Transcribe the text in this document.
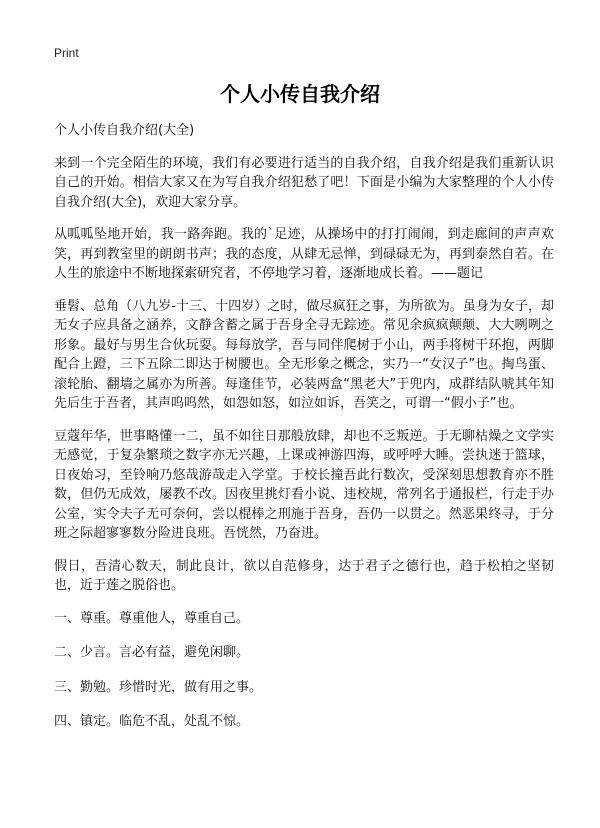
Print
个人小传自我介绍

个人小传自我介绍(大全)

来到一个完全陌生的环境，我们有必要进行适当的自我介绍，自我介绍是我们重新认识自己的开始。相信大家又在为写自我介绍犯愁了吧！下面是小编为大家整理的个人小传自我介绍(大全)，欢迎大家分享。

从呱呱坠地开始，我一路奔跑。我的`足迹，从操场中的打打闹闹，到走廊间的声声欢笑，再到教室里的朗朗书声；我的态度，从肆无忌惮，到碌碌无为，再到泰然自若。在人生的旅途中不断地探索研究者，不停地学习着，逐渐地成长着。——题记

垂髫、总角（八九岁-十三、十四岁）之时，做尽疯狂之事，为所欲为。虽身为女子，却无女子应具备之涵养，文静含蓄之属于吾身全寻无踪迹。常见余疯疯颠颠、大大咧咧之形象。最好与男生合伙玩耍。每每放学，吾与同伴爬树于小山，两手将树干环抱，两脚配合上蹬，三下五除二即达于树腰也。全无形象之概念，实乃一“女汉子”也。掏鸟蛋、滚轮胎、翻墙之属亦为所善。每逢佳节，必装两盒“黑老大”于兜内，成群结队唬其年知先后生于吾者，其声呜呜然，如怨如怒，如泣如诉，吾笑之，可谓一“假小子”也。

豆蔻年华，世事略懂一二，虽不如往日那般放肆，却也不乏叛逆。于无聊枯燥之文学实无感觉，于复杂繁琐之数字亦无兴趣，上课或神游四海，或呼呼大睡。尝执迷于篮球，日夜始习，至铃响乃悠哉游哉走入学堂。于校长撞吾此行数次，受深刻思想教育亦不胜数，但仍无成效，屡教不改。因夜里挑灯看小说、违校规，常列名于通报栏，行走于办公室，实令夫子无可奈何，尝以棍棒之刑施于吾身，吾仍一以贯之。然恶果终寻，于分班之际超寥寥数分险进良班。吾恍然，乃奋进。

假日，吾清心数天，制此良计，欲以自范修身，达于君子之德行也，趋于松柏之坚韧也，近于莲之脱俗也。

一、尊重。尊重他人，尊重自己。

二、少言。言必有益，避免闲聊。

三、勤勉。珍惜时光，做有用之事。

四、镇定。临危不乱，处乱不惊。
